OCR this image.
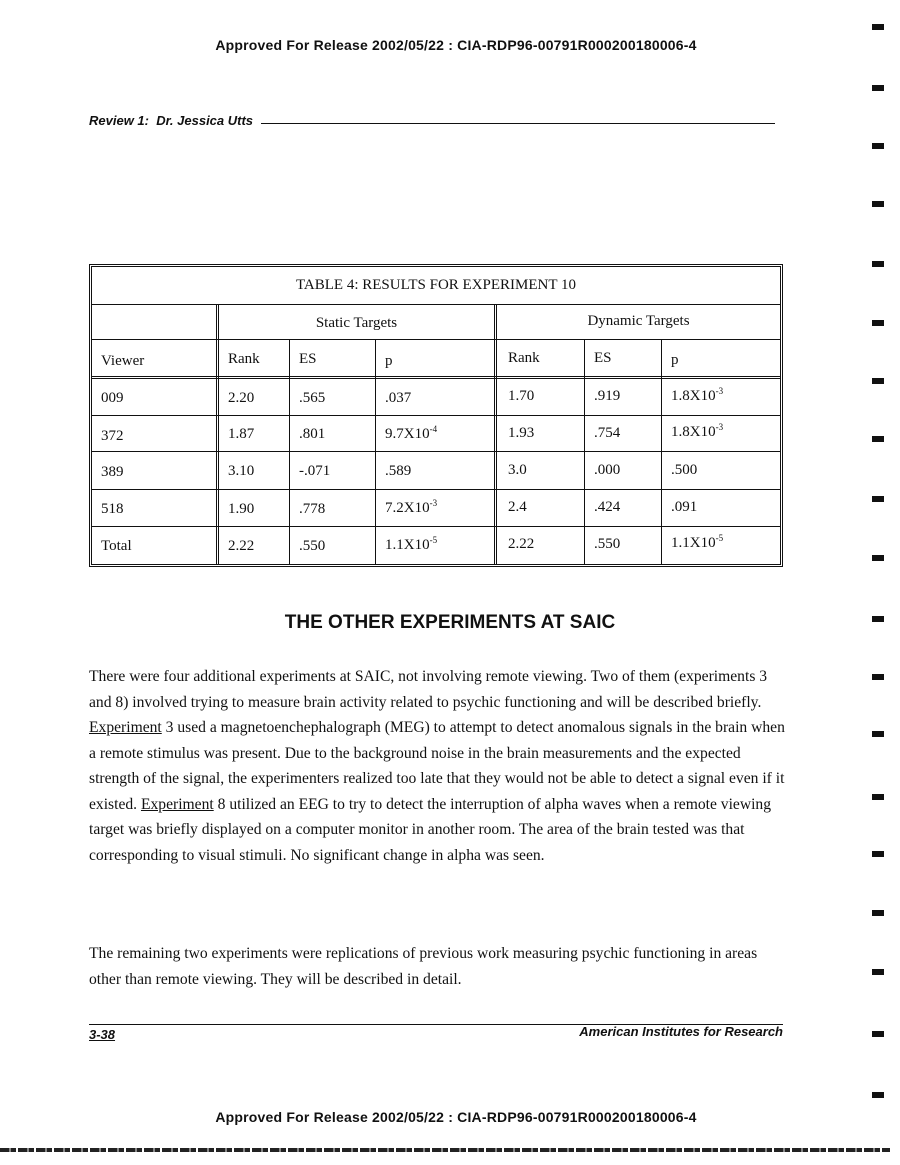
Approved For Release 2002/05/22 : CIA-RDP96-00791R000200180006-4
Review 1:  Dr. Jessica Utts
TABLE 4: RESULTS FOR EXPERIMENT 10
Static Targets	Dynamic Targets
Viewer	Rank	ES	p	Rank	ES	p
009	2.20	.565	.037	1.70	.919	$1.8X10^{-3}$
372	1.87	.801	$9.7X10^{-4}$	1.93	.754	$1.8X10^{-3}$
389	3.10	-.071	.589	3.0	.000	.500
518	1.90	.778	$7.2X10^{-3}$	2.4	.424	.091
Total	2.22	.550	$1.1X10^{-5}$	2.22	.550	$1.1X10^{-5}$
THE OTHER EXPERIMENTS AT SAIC
There were four additional experiments at SAIC, not involving remote viewing. Two of them (experiments 3 and 8) involved trying to measure brain activity related to psychic functioning and will be described briefly. Experiment 3 used a magnetoenchephalograph (MEG) to attempt to detect anomalous signals in the brain when a remote stimulus was present. Due to the background noise in the brain measurements and the expected strength of the signal, the experimenters realized too late that they would not be able to detect a signal even if it existed. Experiment 8 utilized an EEG to try to detect the interruption of alpha waves when a remote viewing target was briefly displayed on a computer monitor in another room. The area of the brain tested was that corresponding to visual stimuli. No significant change in alpha was seen.
The remaining two experiments were replications of previous work measuring psychic functioning in areas other than remote viewing. They will be described in detail.
3-38	American Institutes for Research
Approved For Release 2002/05/22 : CIA-RDP96-00791R000200180006-4
